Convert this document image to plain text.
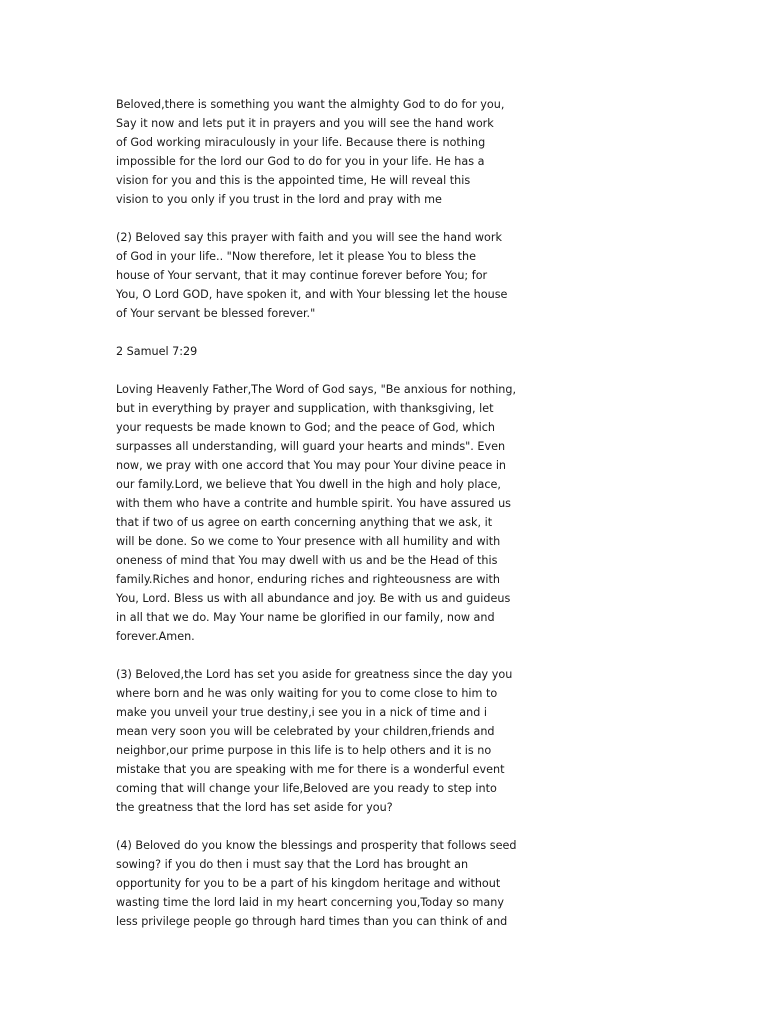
Beloved,there is something you want the almighty God to do for you,
Say it now and lets put it in prayers and you will see the hand work
of God working miraculously in your life. Because there is nothing
impossible for the lord our God to do for you in your life. He has a
vision for you and this is the appointed time, He will reveal this
vision to you only if you trust in the lord and pray with me
(2) Beloved say this prayer with faith and you will see the hand work
of God in your life.. "Now therefore, let it please You to bless the
house of Your servant, that it may continue forever before You; for
You, O Lord GOD, have spoken it, and with Your blessing let the house
of Your servant be blessed forever."
2 Samuel 7:29
Loving Heavenly Father,The Word of God says, "Be anxious for nothing,
but in everything by prayer and supplication, with thanksgiving, let
your requests be made known to God; and the peace of God, which
surpasses all understanding, will guard your hearts and minds". Even
now, we pray with one accord that You may pour Your divine peace in
our family.Lord, we believe that You dwell in the high and holy place,
with them who have a contrite and humble spirit. You have assured us
that if two of us agree on earth concerning anything that we ask, it
will be done. So we come to Your presence with all humility and with
oneness of mind that You may dwell with us and be the Head of this
family.Riches and honor, enduring riches and righteousness are with
You, Lord. Bless us with all abundance and joy. Be with us and guideus
in all that we do. May Your name be glorified in our family, now and
forever.Amen.
(3) Beloved,the Lord has set you aside for greatness since the day you
where born and he was only waiting for you to come close to him to
make you unveil your true destiny,i see you in a nick of time and i
mean very soon you will be celebrated by your children,friends and
neighbor,our prime purpose in this life is to help others and it is no
mistake that you are speaking with me for there is a wonderful event
coming that will change your life,Beloved are you ready to step into
the greatness that the lord has set aside for you?
(4) Beloved do you know the blessings and prosperity that follows seed
sowing? if you do then i must say that the Lord has brought an
opportunity for you to be a part of his kingdom heritage and without
wasting time the lord laid in my heart concerning you,Today so many
less privilege people go through hard times than you can think of and
